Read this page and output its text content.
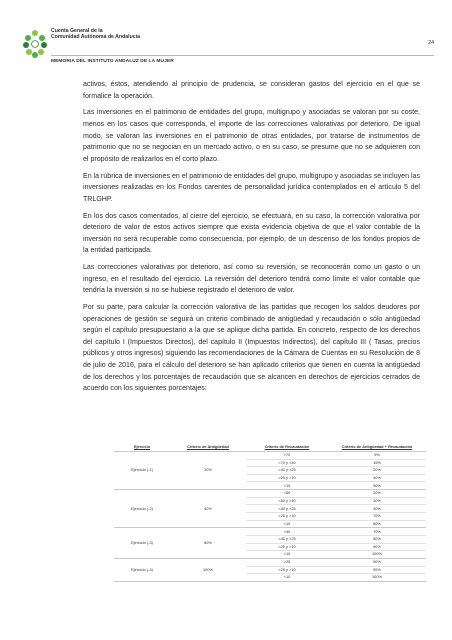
Cuenta General de la
Comunidad Autónoma de Andalucía
24
MEMORIA DEL INSTITUTO ANDALUZ DE LA MUJER

activos, éstos, atendiendo al principio de prudencia, se consideran gastos del ejercicio en el que se formalice la operación.

Las inversiones en el patrimonio de entidades del grupo, multigrupo y asociadas se valoran por su coste, menos en los casos que corresponda, el importe de las correcciones valorativas por deterioro. De igual modo, se valoran las inversiones en el patrimonio de otras entidades, por tratarse de instrumentos de patrimonio que no se negocian en un mercado activo, o en su caso, se presume que no se adquieren con el propósito de realizarlos en el corto plazo.

En la rúbrica de inversiones en el patrimonio de entidades del grupo, multigrupo y asociadas se incluyen las inversiones realizadas en los Fondos carentes de personalidad jurídica contemplados en el artículo 5 del TRLGHP.

En los dos casos comentados, al cierre del ejercicio, se efectuará, en su caso, la corrección valorativa por deterioro de valor de estos activos siempre que exista evidencia objetiva de que el valor contable de la inversión no será recuperable como consecuencia, por ejemplo, de un descenso de los fondos propios de la entidad participada.

Las correcciones valorativas por deterioro, así como su reversión, se reconocerán como un gasto o un ingreso, en el resultado del ejercicio. La reversión del deterioro tendrá como límite el valor contable que tendría la inversión si no se hubiese registrado el deterioro de valor.

Por su parte, para calcular la corrección valorativa de las partidas que recogen los saldos deudores por operaciones de gestión se seguirá un criterio combinado de antigüedad y recaudación o sólo antigüedad según el capítulo presupuestario a la que se aplique dicha partida. En concreto, respecto de los derechos del capítulo I (Impuestos Directos), del capítulo II (Impuestos Indirectos), del capítulo III ( Tasas, precios públicos y otros ingresos) siguiendo las recomendaciones de la Cámara de Cuentas en su Resolución de 8 de julio de 2016, para el cálculo del deterioro se han aplicado criterios que tienen en cuenta la antigüedad de los derechos y los porcentajes de recaudación que se alcancen en derechos de ejercicios cerrados de acuerdo con los siguientes porcentajes:

Ejercicio	Criterio de Antigüedad	Criterio de Recaudación	Criterio de Antigüedad + Recaudación
Ejercicio (-1)	20%	>70	5%
		<70 y >40	15%
		<40 y >25	20%
		<25 y >10	40%
		<10	50%
Ejercicio (-2)	40%	>50	20%
		<50 y >40	30%
		<40 y >25	40%
		<25 y >10	70%
		<10	80%
Ejercicio (-3)	80%	>40	70%
		<40 y >25	80%
		<25 y >10	90%
		<10	100%
Ejercicio (-4)	100%	>25	90%
		<25 y >10	95%
		<10	100%
